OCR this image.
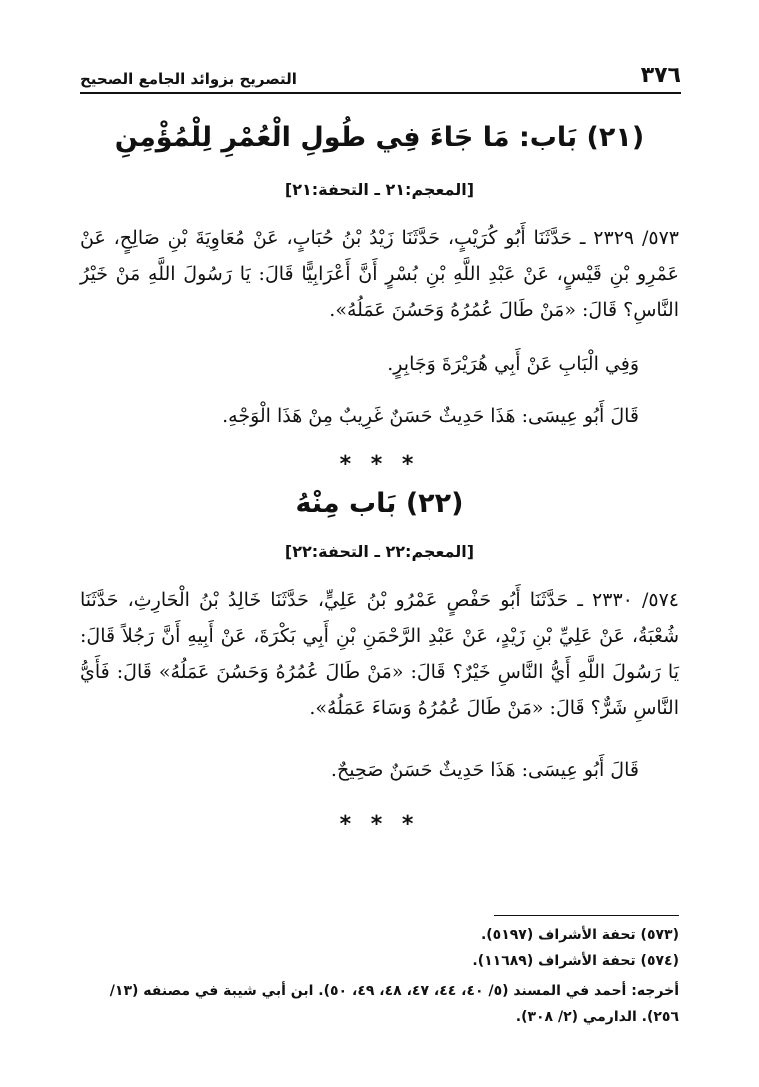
٣٧٦
التصريح بزوائد الجامع الصحيح
(٢١) بَاب: مَا جَاءَ فِي طُولِ الْعُمْرِ لِلْمُؤْمِنِ
[المعجم:٢١ ـ التحفة:٢١]
٥٧٣/ ٢٣٢٩ ـ حَدَّثَنَا أَبُو كُرَيْبٍ، حَدَّثَنَا زَيْدُ بْنُ حُبَابٍ، عَنْ مُعَاوِيَةَ بْنِ صَالِحٍ، عَنْ عَمْرِو بْنِ قَيْسٍ، عَنْ عَبْدِ اللَّهِ بْنِ بُسْرٍ أَنَّ أَعْرَابِيًّا قَالَ: يَا رَسُولَ اللَّهِ مَنْ خَيْرُ النَّاسِ؟ قَالَ: «مَنْ طَالَ عُمُرُهُ وَحَسُنَ عَمَلُهُ».
وَفِي الْبَابِ عَنْ أَبِي هُرَيْرَةَ وَجَابِرٍ.
قَالَ أَبُو عِيسَى: هَذَا حَدِيثٌ حَسَنٌ غَرِيبٌ مِنْ هَذَا الْوَجْهِ.
* * *
(٢٢) بَاب مِنْهُ
[المعجم:٢٢ ـ التحفة:٢٢]
٥٧٤/ ٢٣٣٠ ـ حَدَّثَنَا أَبُو حَفْصٍ عَمْرُو بْنُ عَلِيٍّ، حَدَّثَنَا خَالِدُ بْنُ الْحَارِثِ، حَدَّثَنَا شُعْبَةُ، عَنْ عَلِيِّ بْنِ زَيْدٍ، عَنْ عَبْدِ الرَّحْمَنِ بْنِ أَبِي بَكْرَةَ، عَنْ أَبِيهِ أَنَّ رَجُلاً قَالَ: يَا رَسُولَ اللَّهِ أَيُّ النَّاسِ خَيْرٌ؟ قَالَ: «مَنْ طَالَ عُمُرُهُ وَحَسُنَ عَمَلُهُ» قَالَ: فَأَيُّ النَّاسِ شَرٌّ؟ قَالَ: «مَنْ طَالَ عُمُرُهُ وَسَاءَ عَمَلُهُ».
قَالَ أَبُو عِيسَى: هَذَا حَدِيثٌ حَسَنٌ صَحِيحٌ.
* * *
(٥٧٣) تحفة الأشراف (٥١٩٧).
(٥٧٤) تحفة الأشراف (١١٦٨٩).
أخرجه: أحمد في المسند (٥/ ٤٠، ٤٤، ٤٧، ٤٨، ٤٩، ٥٠). ابن أبي شيبة في مصنفه (١٣/ ٢٥٦). الدارمي (٢/ ٣٠٨).
